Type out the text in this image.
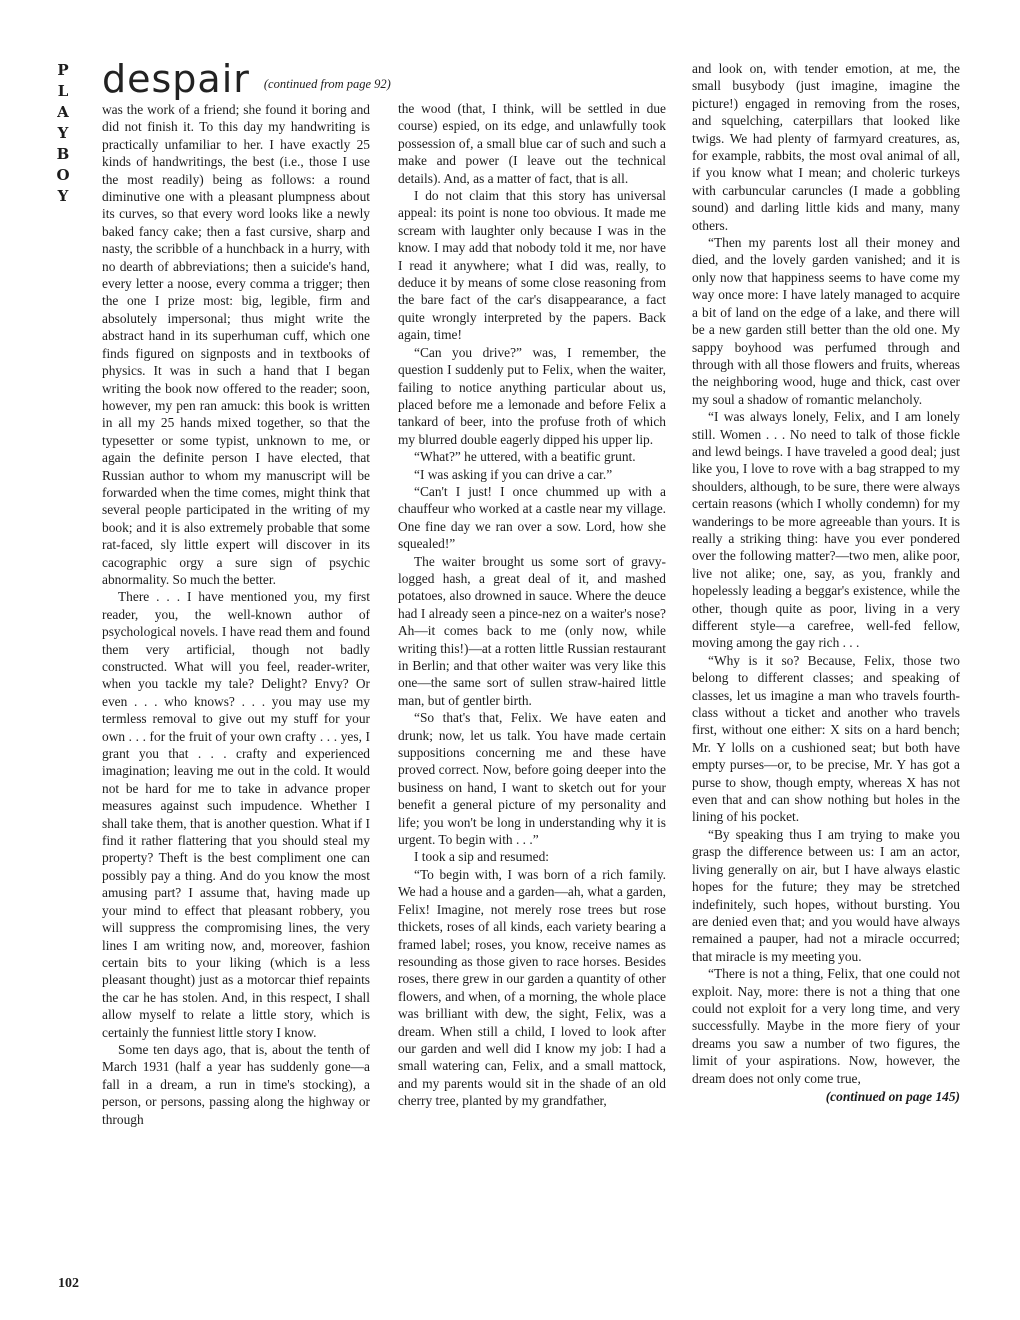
P
L
A
Y
B
O
Y
despair $^{(continued from page 92)}$

was the work of a friend; she found it boring and did not finish it. To this day my handwriting is practically unfamiliar to her. I have exactly 25 kinds of handwritings, the best (i.e., those I use the most readily) being as follows: a round diminutive one with a pleasant plumpness about its curves, so that every word looks like a newly baked fancy cake; then a fast cursive, sharp and nasty, the scribble of a hunchback in a hurry, with no dearth of abbreviations; then a suicide's hand, every letter a noose, every comma a trigger; then the one I prize most: big, legible, firm and absolutely impersonal; thus might write the abstract hand in its superhuman cuff, which one finds figured on signposts and in textbooks of physics. It was in such a hand that I began writing the book now offered to the reader; soon, however, my pen ran amuck: this book is written in all my 25 hands mixed together, so that the typesetter or some typist, unknown to me, or again the definite person I have elected, that Russian author to whom my manuscript will be forwarded when the time comes, might think that several people participated in the writing of my book; and it is also extremely probable that some rat-faced, sly little expert will discover in its cacographic orgy a sure sign of psychic abnormality. So much the better.

There . . . I have mentioned you, my first reader, you, the well-known author of psychological novels. I have read them and found them very artificial, though not badly constructed. What will you feel, reader-writer, when you tackle my tale? Delight? Envy? Or even . . . who knows? . . . you may use my termless removal to give out my stuff for your own . . . for the fruit of your own crafty . . . yes, I grant you that . . . crafty and experienced imagination; leaving me out in the cold. It would not be hard for me to take in advance proper measures against such impudence. Whether I shall take them, that is another question. What if I find it rather flattering that you should steal my property? Theft is the best compliment one can possibly pay a thing. And do you know the most amusing part? I assume that, having made up your mind to effect that pleasant robbery, you will suppress the compromising lines, the very lines I am writing now, and, moreover, fashion certain bits to your liking (which is a less pleasant thought) just as a motorcar thief repaints the car he has stolen. And, in this respect, I shall allow myself to relate a little story, which is certainly the funniest little story I know.

Some ten days ago, that is, about the tenth of March 1931 (half a year has suddenly gone—a fall in a dream, a run in time's stocking), a person, or persons, passing along the highway or through

the wood (that, I think, will be settled in due course) espied, on its edge, and unlawfully took possession of, a small blue car of such and such a make and power (I leave out the technical details). And, as a matter of fact, that is all.

I do not claim that this story has universal appeal: its point is none too obvious. It made me scream with laughter only because I was in the know. I may add that nobody told it me, nor have I read it anywhere; what I did was, really, to deduce it by means of some close reasoning from the bare fact of the car's disappearance, a fact quite wrongly interpreted by the papers. Back again, time!

“Can you drive?” was, I remember, the question I suddenly put to Felix, when the waiter, failing to notice anything particular about us, placed before me a lemonade and before Felix a tankard of beer, into the profuse froth of which my blurred double eagerly dipped his upper lip.

“What?” he uttered, with a beatific grunt.

“I was asking if you can drive a car.”

“Can't I just! I once chummed up with a chauffeur who worked at a castle near my village. One fine day we ran over a sow. Lord, how she squealed!”

The waiter brought us some sort of gravy-logged hash, a great deal of it, and mashed potatoes, also drowned in sauce. Where the deuce had I already seen a pince-nez on a waiter's nose? Ah—it comes back to me (only now, while writing this!)—at a rotten little Russian restaurant in Berlin; and that other waiter was very like this one—the same sort of sullen straw-haired little man, but of gentler birth.

“So that's that, Felix. We have eaten and drunk; now, let us talk. You have made certain suppositions concerning me and these have proved correct. Now, before going deeper into the business on hand, I want to sketch out for your benefit a general picture of my personality and life; you won't be long in understanding why it is urgent. To begin with . . .”

I took a sip and resumed:

“To begin with, I was born of a rich family. We had a house and a garden—ah, what a garden, Felix! Imagine, not merely rose trees but rose thickets, roses of all kinds, each variety bearing a framed label; roses, you know, receive names as resounding as those given to race horses. Besides roses, there grew in our garden a quantity of other flowers, and when, of a morning, the whole place was brilliant with dew, the sight, Felix, was a dream. When still a child, I loved to look after our garden and well did I know my job: I had a small watering can, Felix, and a small mattock, and my parents would sit in the shade of an old cherry tree, planted by my grandfather,

and look on, with tender emotion, at me, the small busybody (just imagine, imagine the picture!) engaged in removing from the roses, and squelching, caterpillars that looked like twigs. We had plenty of farmyard creatures, as, for example, rabbits, the most oval animal of all, if you know what I mean; and choleric turkeys with carbuncular caruncles (I made a gobbling sound) and darling little kids and many, many others.

“Then my parents lost all their money and died, and the lovely garden vanished; and it is only now that happiness seems to have come my way once more: I have lately managed to acquire a bit of land on the edge of a lake, and there will be a new garden still better than the old one. My sappy boyhood was perfumed through and through with all those flowers and fruits, whereas the neighboring wood, huge and thick, cast over my soul a shadow of romantic melancholy.

“I was always lonely, Felix, and I am lonely still. Women . . . No need to talk of those fickle and lewd beings. I have traveled a good deal; just like you, I love to rove with a bag strapped to my shoulders, although, to be sure, there were always certain reasons (which I wholly condemn) for my wanderings to be more agreeable than yours. It is really a striking thing: have you ever pondered over the following matter?—two men, alike poor, live not alike; one, say, as you, frankly and hopelessly leading a beggar's existence, while the other, though quite as poor, living in a very different style—a carefree, well-fed fellow, moving among the gay rich . . .

“Why is it so? Because, Felix, those two belong to different classes; and speaking of classes, let us imagine a man who travels fourth-class without a ticket and another who travels first, without one either: X sits on a hard bench; Mr. Y lolls on a cushioned seat; but both have empty purses—or, to be precise, Mr. Y has got a purse to show, though empty, whereas X has not even that and can show nothing but holes in the lining of his pocket.

“By speaking thus I am trying to make you grasp the difference between us: I am an actor, living generally on air, but I have always elastic hopes for the future; they may be stretched indefinitely, such hopes, without bursting. You are denied even that; and you would have always remained a pauper, had not a miracle occurred; that miracle is my meeting you.

“There is not a thing, Felix, that one could not exploit. Nay, more: there is not a thing that one could not exploit for a very long time, and very successfully. Maybe in the more fiery of your dreams you saw a number of two figures, the limit of your aspirations. Now, however, the dream does not only come true,

(continued on page 145)
102
